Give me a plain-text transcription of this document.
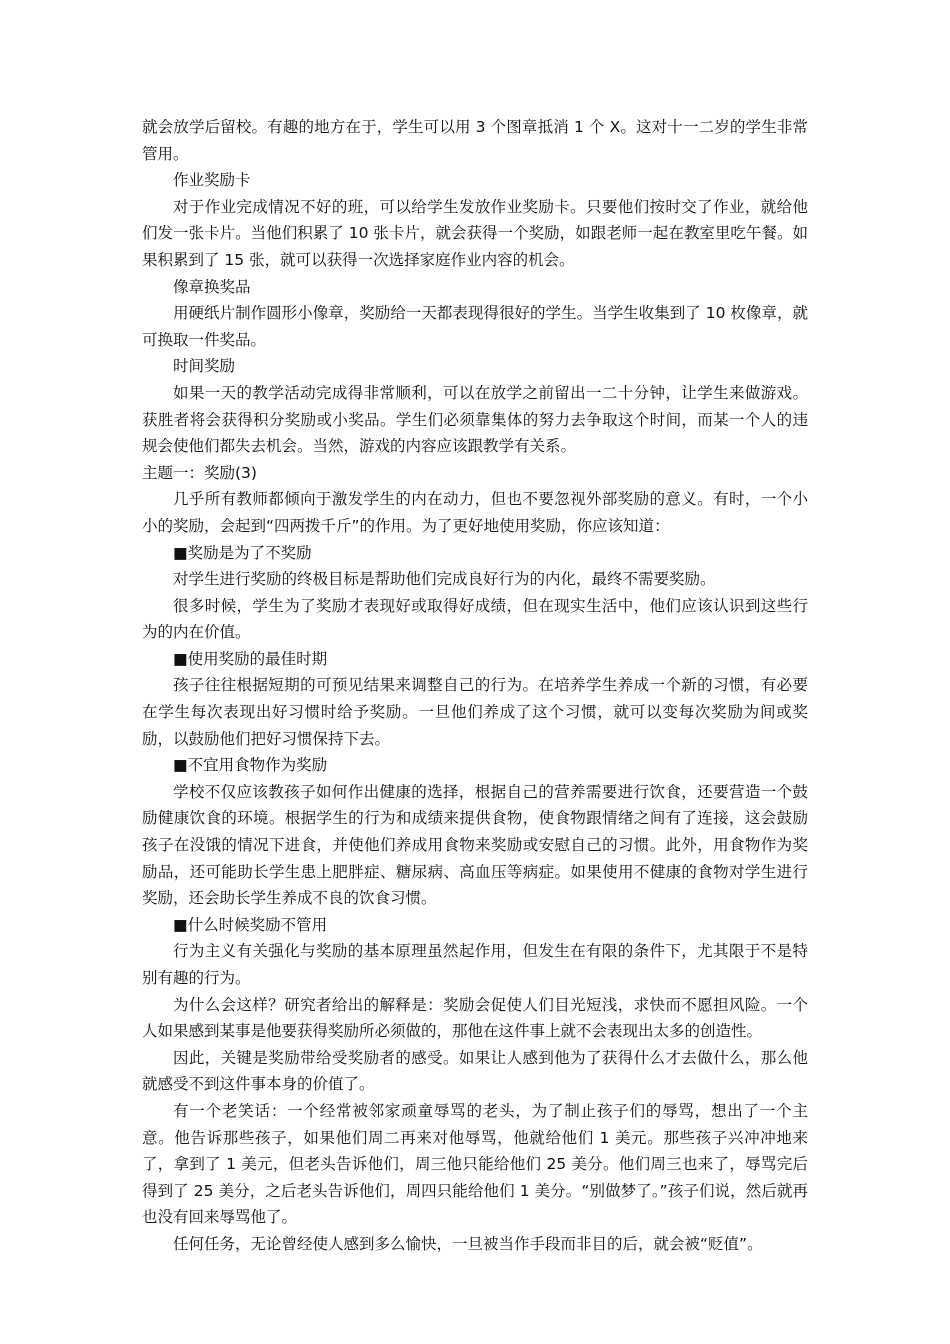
就会放学后留校。有趣的地方在于，学生可以用 3 个图章抵消 1 个 X。这对十一二岁的学生非常管用。

作业奖励卡

对于作业完成情况不好的班，可以给学生发放作业奖励卡。只要他们按时交了作业，就给他们发一张卡片。当他们积累了 10 张卡片，就会获得一个奖励，如跟老师一起在教室里吃午餐。如果积累到了 15 张，就可以获得一次选择家庭作业内容的机会。

像章换奖品

用硬纸片制作圆形小像章，奖励给一天都表现得很好的学生。当学生收集到了 10 枚像章，就可换取一件奖品。

时间奖励

如果一天的教学活动完成得非常顺利，可以在放学之前留出一二十分钟，让学生来做游戏。获胜者将会获得积分奖励或小奖品。学生们必须靠集体的努力去争取这个时间，而某一个人的违规会使他们都失去机会。当然，游戏的内容应该跟教学有关系。

主题一：奖励(3)

几乎所有教师都倾向于激发学生的内在动力，但也不要忽视外部奖励的意义。有时，一个小小的奖励，会起到“四两拨千斤”的作用。为了更好地使用奖励，你应该知道：

■奖励是为了不奖励

对学生进行奖励的终极目标是帮助他们完成良好行为的内化，最终不需要奖励。

很多时候，学生为了奖励才表现好或取得好成绩，但在现实生活中，他们应该认识到这些行为的内在价值。

■使用奖励的最佳时期

孩子往往根据短期的可预见结果来调整自己的行为。在培养学生养成一个新的习惯，有必要在学生每次表现出好习惯时给予奖励。一旦他们养成了这个习惯，就可以变每次奖励为间或奖励，以鼓励他们把好习惯保持下去。

■不宜用食物作为奖励

学校不仅应该教孩子如何作出健康的选择，根据自己的营养需要进行饮食，还要营造一个鼓励健康饮食的环境。根据学生的行为和成绩来提供食物，使食物跟情绪之间有了连接，这会鼓励孩子在没饿的情况下进食，并使他们养成用食物来奖励或安慰自己的习惯。此外，用食物作为奖励品，还可能助长学生患上肥胖症、糖尿病、高血压等病症。如果使用不健康的食物对学生进行奖励，还会助长学生养成不良的饮食习惯。

■什么时候奖励不管用

行为主义有关强化与奖励的基本原理虽然起作用，但发生在有限的条件下，尤其限于不是特别有趣的行为。

为什么会这样？研究者给出的解释是：奖励会促使人们目光短浅，求快而不愿担风险。一个人如果感到某事是他要获得奖励所必须做的，那他在这件事上就不会表现出太多的创造性。

因此，关键是奖励带给受奖励者的感受。如果让人感到他为了获得什么才去做什么，那么他就感受不到这件事本身的价值了。

有一个老笑话：一个经常被邻家顽童辱骂的老头，为了制止孩子们的辱骂，想出了一个主意。他告诉那些孩子，如果他们周二再来对他辱骂，他就给他们 1 美元。那些孩子兴冲冲地来了，拿到了 1 美元，但老头告诉他们，周三他只能给他们 25 美分。他们周三也来了，辱骂完后得到了 25 美分，之后老头告诉他们，周四只能给他们 1 美分。“别做梦了。”孩子们说，然后就再也没有回来辱骂他了。

任何任务，无论曾经使人感到多么愉快，一旦被当作手段而非目的后，就会被“贬值”。
